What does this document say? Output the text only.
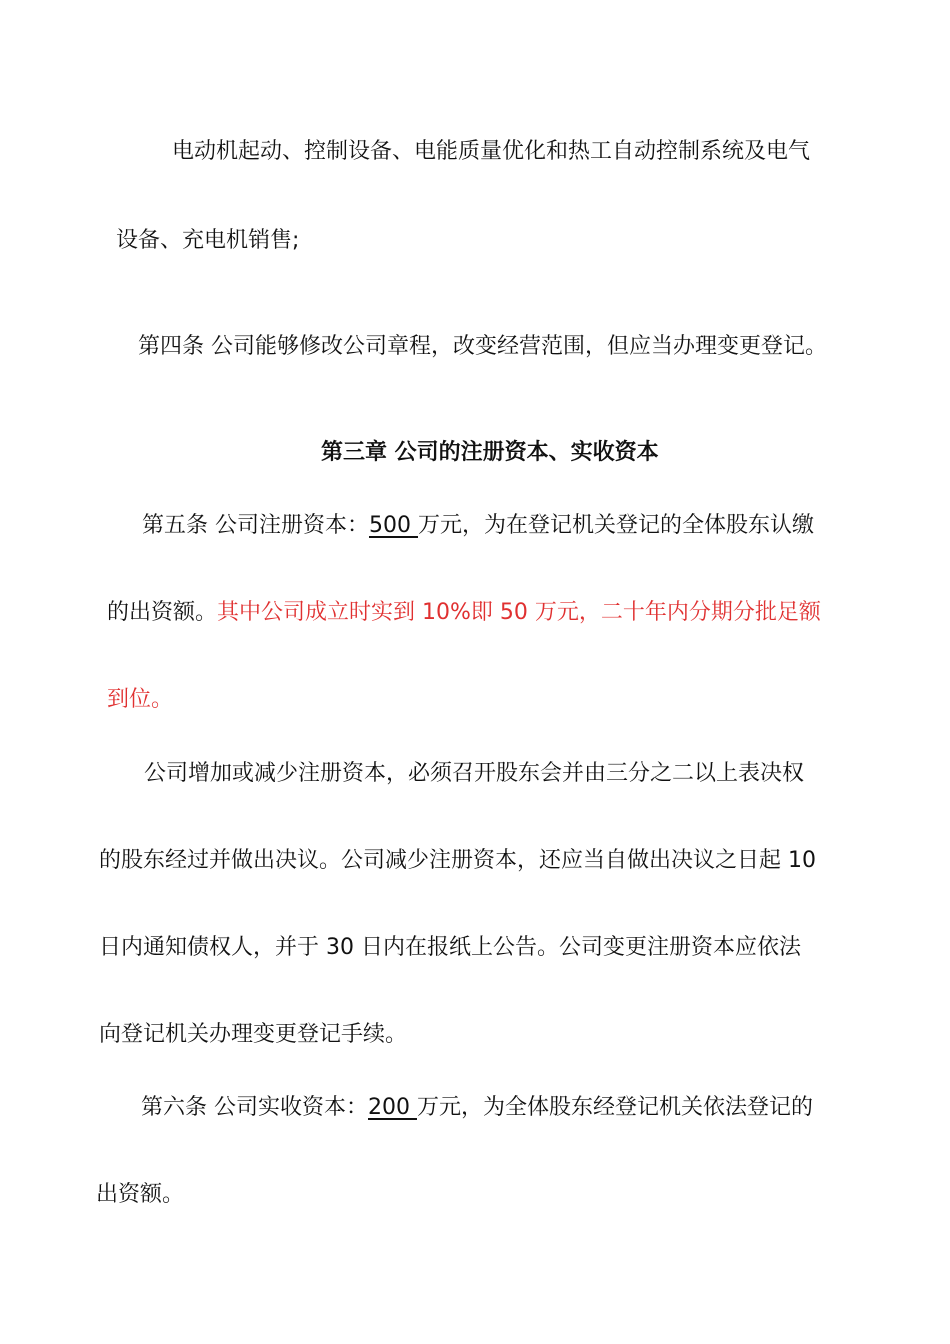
电动机起动、控制设备、电能质量优化和热工自动控制系统及电气

设备、充电机销售;

第四条 公司能够修改公司章程，改变经营范围，但应当办理变更登记。

第三章 公司的注册资本、实收资本

第五条 公司注册资本：500 万元，为在登记机关登记的全体股东认缴

的出资额。其中公司成立时实到 10%即 50 万元，二十年内分期分批足额

到位。

公司增加或减少注册资本，必须召开股东会并由三分之二以上表决权

的股东经过并做出决议。公司减少注册资本，还应当自做出决议之日起 10

日内通知债权人，并于 30 日内在报纸上公告。公司变更注册资本应依法

向登记机关办理变更登记手续。

第六条 公司实收资本：200 万元，为全体股东经登记机关依法登记的

出资额。
